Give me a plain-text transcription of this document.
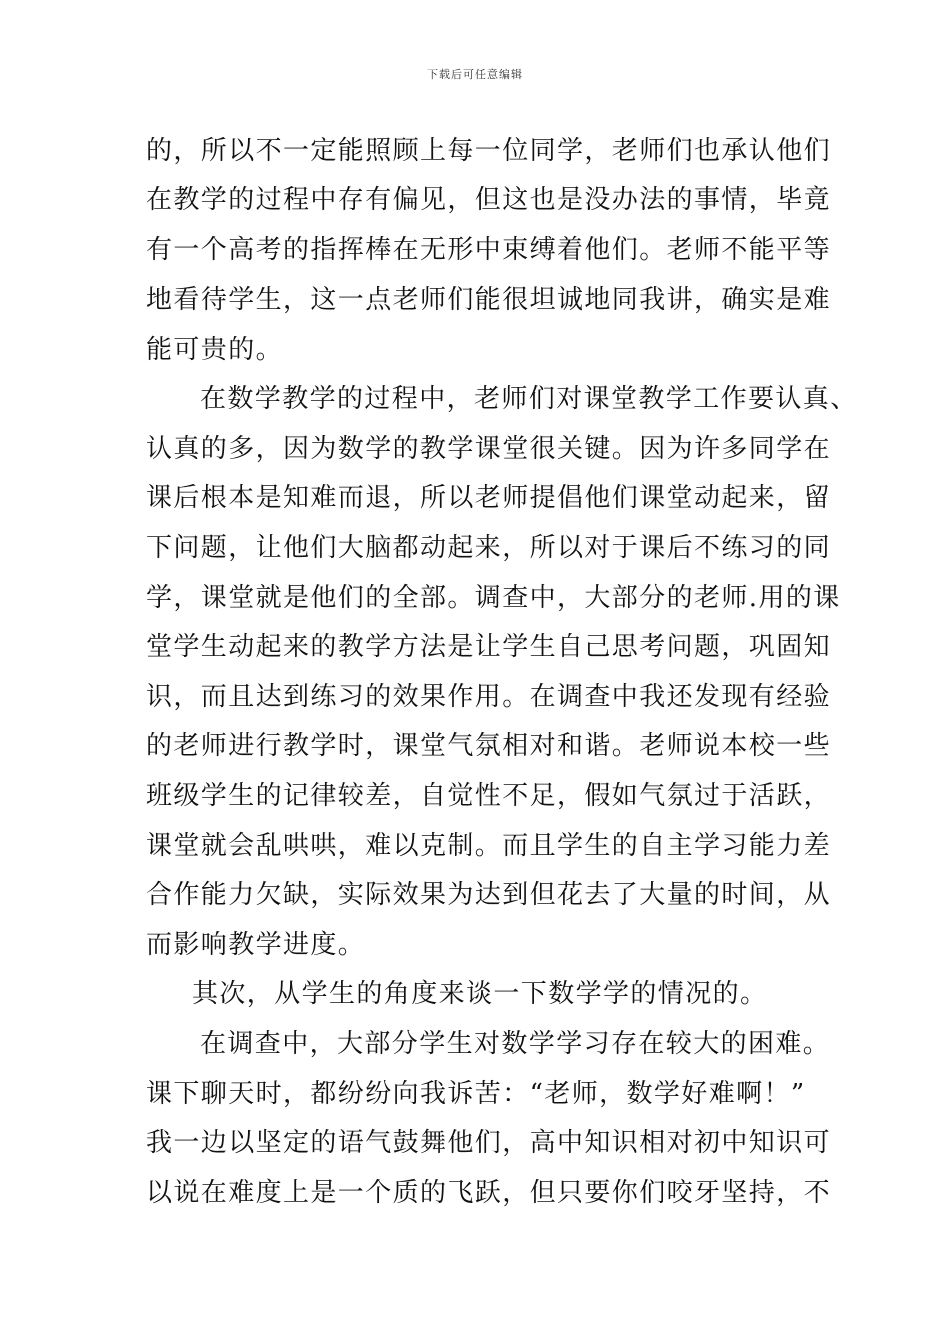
下载后可任意编辑
的，所以不一定能照顾上每一位同学，老师们也承认他们
在教学的过程中存有偏见，但这也是没办法的事情，毕竟
有一个高考的指挥棒在无形中束缚着他们。老师不能平等
地看待学生，这一点老师们能很坦诚地同我讲，确实是难
能可贵的。
在数学教学的过程中，老师们对课堂教学工作要认真、
认真的多，因为数学的教学课堂很关键。因为许多同学在
课后根本是知难而退，所以老师提倡他们课堂动起来，留
下问题，让他们大脑都动起来，所以对于课后不练习的同
学，课堂就是他们的全部。调查中，大部分的老师.用的课
堂学生动起来的教学方法是让学生自己思考问题，巩固知
识，而且达到练习的效果作用。在调查中我还发现有经验
的老师进行教学时，课堂气氛相对和谐。老师说本校一些
班级学生的记律较差，自觉性不足，假如气氛过于活跃，
课堂就会乱哄哄，难以克制。而且学生的自主学习能力差
合作能力欠缺，实际效果为达到但花去了大量的时间，从
而影响教学进度。
其次，从学生的角度来谈一下数学学的情况的。
在调查中，大部分学生对数学学习存在较大的困难。
课下聊天时，都纷纷向我诉苦：“老师，数学好难啊！”
我一边以坚定的语气鼓舞他们，高中知识相对初中知识可
以说在难度上是一个质的飞跃，但只要你们咬牙坚持，不
